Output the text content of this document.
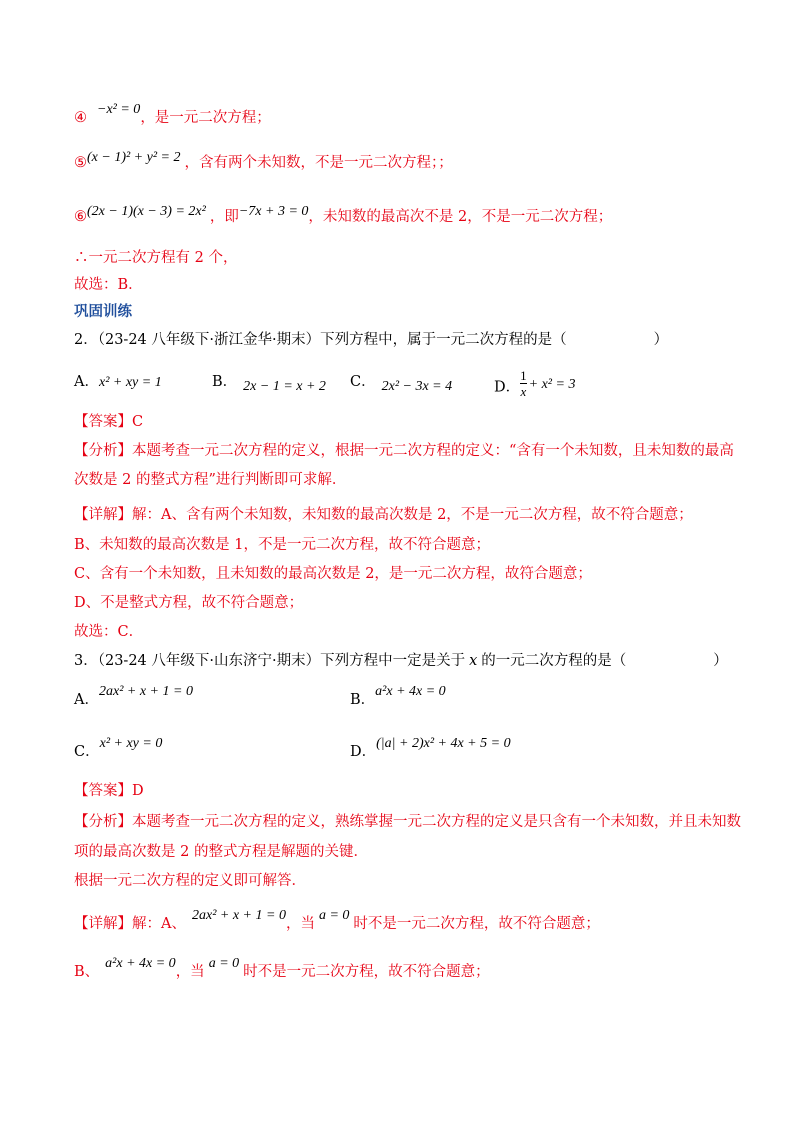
④−x² = 0，是一元二次方程；
⑤(x − 1)² + y² = 2 ，含有两个未知数，不是一元二次方程；；
⑥(2x − 1)(x − 3) = 2x² ，即−7x + 3 = 0，未知数的最高次不是 2，不是一元二次方程；
∴一元二次方程有 2 个，
故选：B．
巩固训练
2．（23-24 八年级下·浙江金华·期末）下列方程中，属于一元二次方程的是（　　　　　　）
A．x² + xy = 1	B． 2x − 1 = x + 2 C． 2x² − 3x = 4	D． $\frac{1}{x} + x^2 = 3$
【答案】C
【分析】本题考查一元二次方程的定义，根据一元二次方程的定义：“含有一个未知数，且未知数的最高
次数是 2 的整式方程”进行判断即可求解．
【详解】解：A、含有两个未知数，未知数的最高次数是 2，不是一元二次方程，故不符合题意；
B、未知数的最高次数是 1，不是一元二次方程，故不符合题意；
C、含有一个未知数，且未知数的最高次数是 2，是一元二次方程，故符合题意；
D、不是整式方程，故不符合题意；
故选：C．
3．（23-24 八年级下·山东济宁·期末）下列方程中一定是关于 x 的一元二次方程的是（　　　　　　）
A．2ax² + x + 1 = 0
B．a²x + 4x = 0
C．x² + xy = 0
D．(|a| + 2)x² + 4x + 5 = 0
【答案】D
【分析】本题考查一元二次方程的定义，熟练掌握一元二次方程的定义是只含有一个未知数，并且未知数
项的最高次数是 2 的整式方程是解题的关键．
根据一元二次方程的定义即可解答．
【详解】解：A、2ax² + x + 1 = 0，当a = 0时不是一元二次方程，故不符合题意；
B、a²x + 4x = 0，当a = 0时不是一元二次方程，故不符合题意；
